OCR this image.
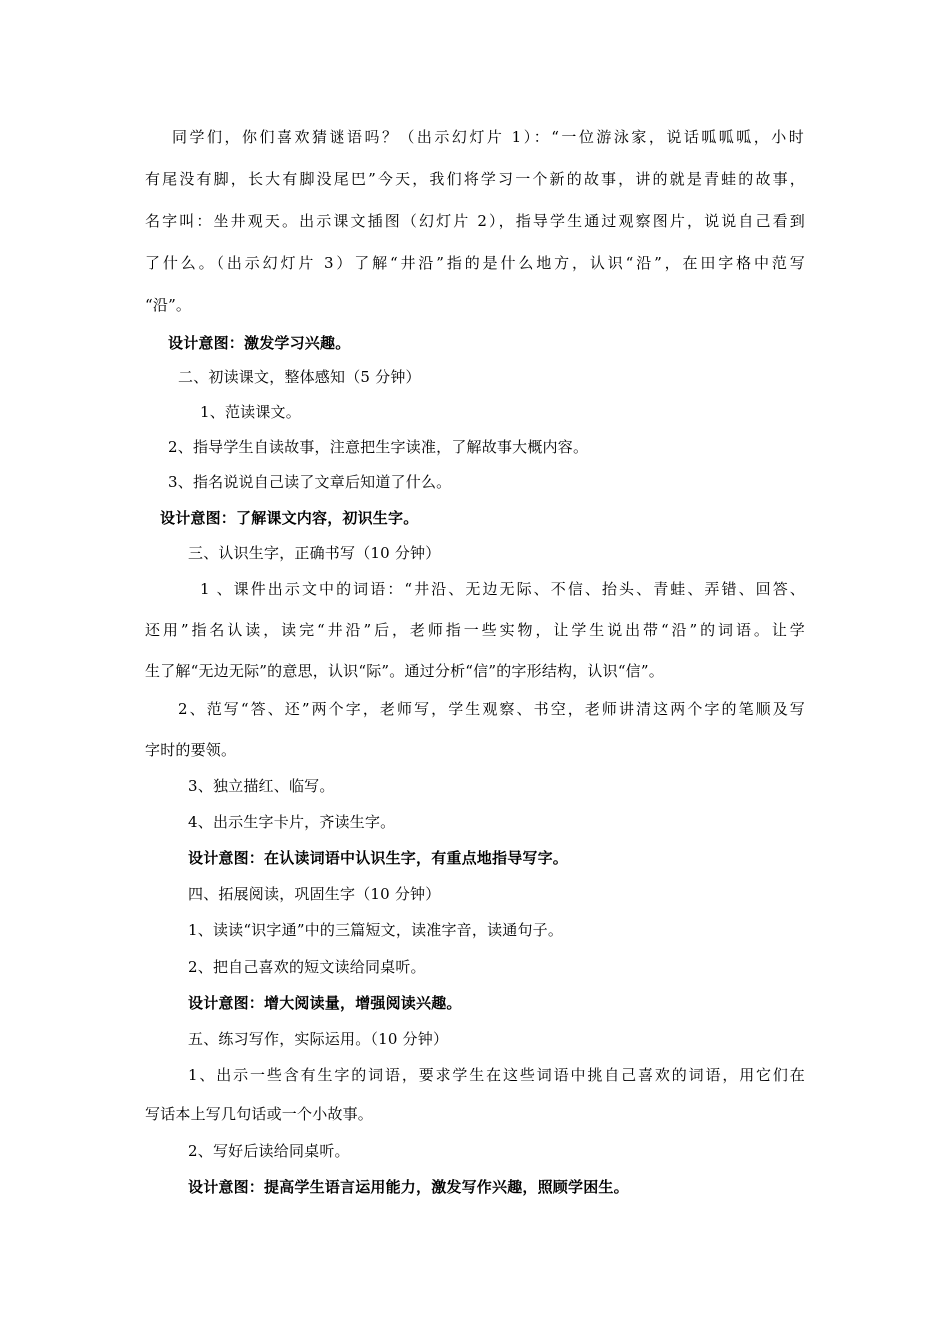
同学们，你们喜欢猜谜语吗？（出示幻灯片 1）：“一位游泳家，说话呱呱呱，小时
有尾没有脚，长大有脚没尾巴”今天，我们将学习一个新的故事，讲的就是青蛙的故事，
名字叫：坐井观天。出示课文插图（幻灯片 2），指导学生通过观察图片，说说自己看到
了什么。（出示幻灯片 3）了解“井沿”指的是什么地方，认识“沿”，在田字格中范写
“沿”。
设计意图：激发学习兴趣。
二、初读课文，整体感知（5 分钟）
1、范读课文。
2、指导学生自读故事，注意把生字读准，了解故事大概内容。
3、指名说说自己读了文章后知道了什么。
设计意图：了解课文内容，初识生字。
三、认识生字，正确书写（10 分钟）
1 、课件出示文中的词语：“井沿、无边无际、不信、抬头、青蛙、弄错、回答、
还用”指名认读，读完“井沿”后，老师指一些实物，让学生说出带“沿”的词语。让学
生了解“无边无际”的意思，认识“际”。通过分析“信”的字形结构，认识“信”。
2、范写“答、还”两个字，老师写，学生观察、书空，老师讲清这两个字的笔顺及写
字时的要领。
3、独立描红、临写。
4、出示生字卡片，齐读生字。
设计意图：在认读词语中认识生字，有重点地指导写字。
四、拓展阅读，巩固生字（10 分钟）
1、读读“识字通”中的三篇短文，读准字音，读通句子。
2、把自己喜欢的短文读给同桌听。
设计意图：增大阅读量，增强阅读兴趣。
五、练习写作，实际运用。（10 分钟）
1、出示一些含有生字的词语，要求学生在这些词语中挑自己喜欢的词语，用它们在
写话本上写几句话或一个小故事。
2、写好后读给同桌听。
设计意图：提高学生语言运用能力，激发写作兴趣，照顾学困生。
